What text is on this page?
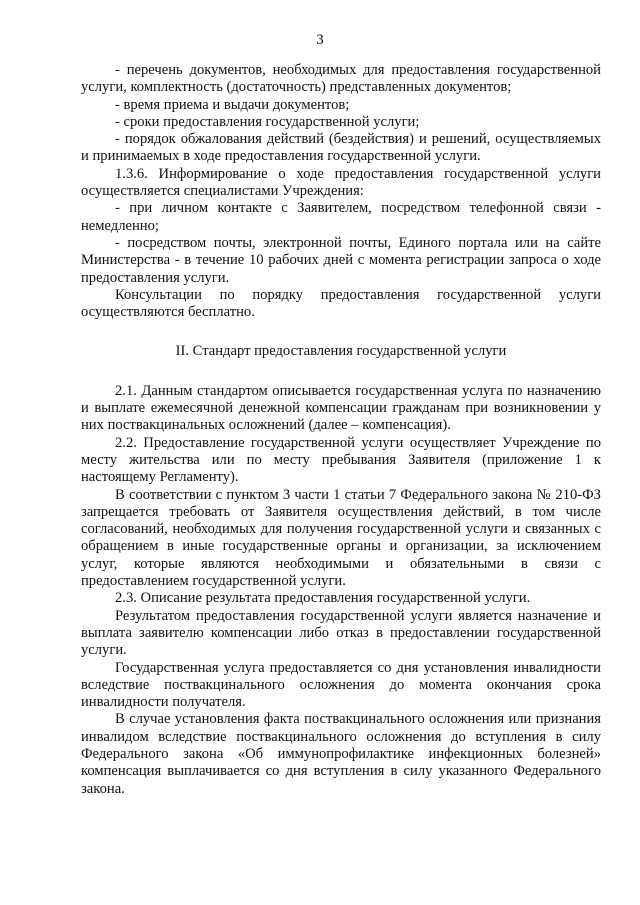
3

- перечень документов, необходимых для предоставления государственной услуги, комплектность (достаточность) представленных документов;

- время приема и выдачи документов;

- сроки предоставления государственной услуги;

- порядок обжалования действий (бездействия) и решений, осуществляемых и принимаемых в ходе предоставления государственной услуги.

1.3.6. Информирование о ходе предоставления государственной услуги осуществляется специалистами Учреждения:

- при личном контакте с Заявителем, посредством телефонной связи - немедленно;

- посредством почты, электронной почты, Единого портала или на сайте Министерства - в течение 10 рабочих дней с момента регистрации запроса о ходе предоставления услуги.

Консультации по порядку предоставления государственной услуги осуществляются бесплатно.

II. Стандарт предоставления государственной услуги

2.1. Данным стандартом описывается государственная услуга по назначению и выплате ежемесячной денежной компенсации гражданам при возникновении у них поствакцинальных осложнений (далее – компенсация).

2.2. Предоставление государственной услуги осуществляет Учреждение по месту жительства или по месту пребывания Заявителя (приложение 1 к настоящему Регламенту).

В соответствии с пунктом 3 части 1 статьи 7 Федерального закона № 210-ФЗ запрещается требовать от Заявителя осуществления действий, в том числе согласований, необходимых для получения государственной услуги и связанных с обращением в иные государственные органы и организации, за исключением услуг, которые являются необходимыми и обязательными в связи с предоставлением государственной услуги.

2.3. Описание результата предоставления государственной услуги.

Результатом предоставления государственной услуги является назначение и выплата заявителю компенсации либо отказ в предоставлении государственной услуги.

Государственная услуга предоставляется со дня установления инвалидности вследствие поствакцинального осложнения до момента окончания срока инвалидности получателя.

В случае установления факта поствакцинального осложнения или признания инвалидом вследствие поствакцинального осложнения до вступления в силу Федерального закона «Об иммунопрофилактике инфекционных болезней» компенсация выплачивается со дня вступления в силу указанного Федерального закона.
